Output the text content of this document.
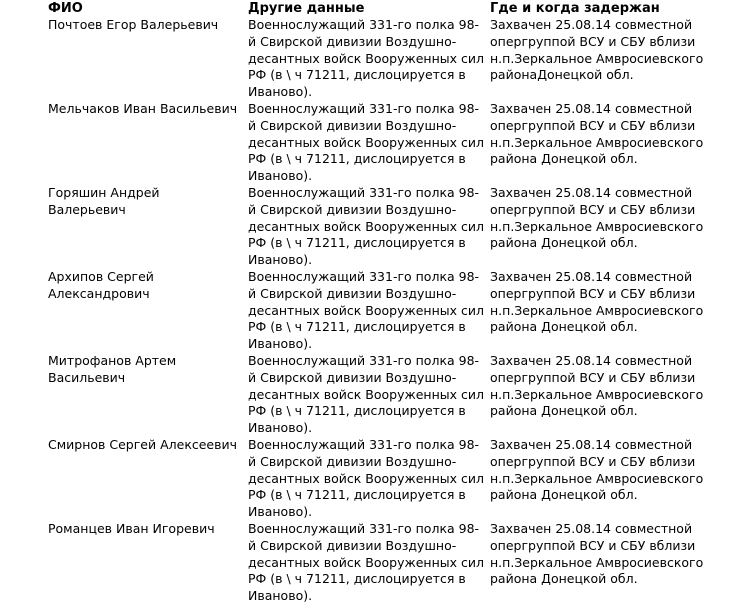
ФИО	Другие данные	Где и когда задержан

Почтоев Егор Валерьевич	Военнослужащий 331-го полка 98-й Свирской дивизии Воздушно-десантных войск Вооруженных сил РФ (в \ ч 71211, дислоцируется в Иваново).	Захвачен 25.08.14 совместной опергруппой ВСУ и СБУ вблизи н.п.Зеркальное Амвросиевского районаДонецкой обл.

Мельчаков Иван Васильевич	Военнослужащий 331-го полка 98-й Свирской дивизии Воздушно-десантных войск Вооруженных сил РФ (в \ ч 71211, дислоцируется в Иваново).	Захвачен 25.08.14 совместной опергруппой ВСУ и СБУ вблизи н.п.Зеркальное Амвросиевского района Донецкой обл.

Горяшин Андрей Валерьевич	Военнослужащий 331-го полка 98-й Свирской дивизии Воздушно-десантных войск Вооруженных сил РФ (в \ ч 71211, дислоцируется в Иваново).	Захвачен 25.08.14 совместной опергруппой ВСУ и СБУ вблизи н.п.Зеркальное Амвросиевского района Донецкой обл.

Архипов Сергей Александрович	Военнослужащий 331-го полка 98-й Свирской дивизии Воздушно-десантных войск Вооруженных сил РФ (в \ ч 71211, дислоцируется в Иваново).	Захвачен 25.08.14 совместной опергруппой ВСУ и СБУ вблизи н.п.Зеркальное Амвросиевского района Донецкой обл.

Митрофанов Артем Васильевич	Военнослужащий 331-го полка 98-й Свирской дивизии Воздушно-десантных войск Вооруженных сил РФ (в \ ч 71211, дислоцируется в Иваново).	Захвачен 25.08.14 совместной опергруппой ВСУ и СБУ вблизи н.п.Зеркальное Амвросиевского района Донецкой обл.

Смирнов Сергей Алексеевич	Военнослужащий 331-го полка 98-й Свирской дивизии Воздушно-десантных войск Вооруженных сил РФ (в \ ч 71211, дислоцируется в Иваново).	Захвачен 25.08.14 совместной опергруппой ВСУ и СБУ вблизи н.п.Зеркальное Амвросиевского района Донецкой обл.

Романцев Иван Игоревич	Военнослужащий 331-го полка 98-й Свирской дивизии Воздушно-десантных войск Вооруженных сил РФ (в \ ч 71211, дислоцируется в Иваново).	Захвачен 25.08.14 совместной опергруппой ВСУ и СБУ вблизи н.п.Зеркальное Амвросиевского района Донецкой обл.
